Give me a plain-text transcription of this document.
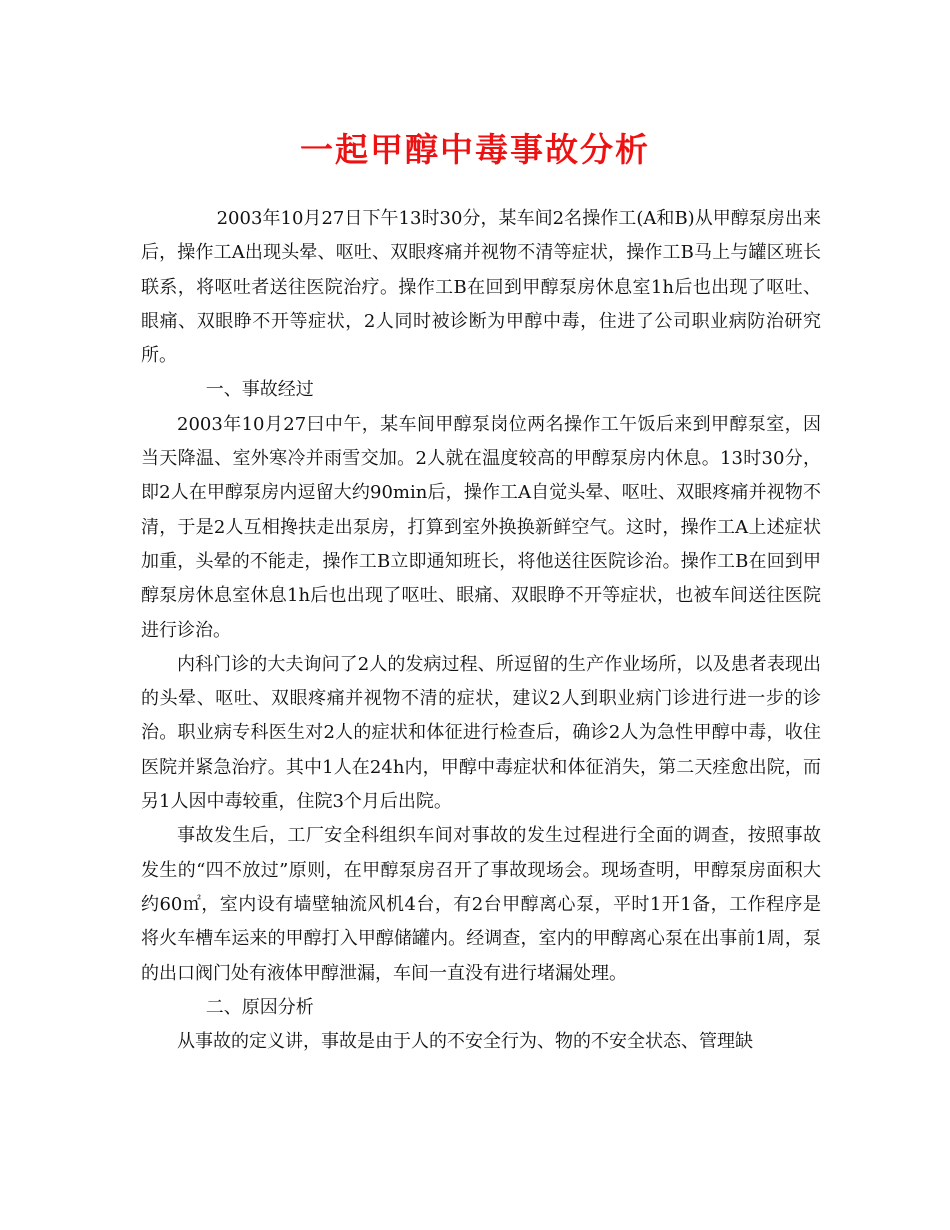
一起甲醇中毒事故分析

2003年10月27日下午13时30分，某车间2名操作工(A和B)从甲醇泵房出来后，操作工A出现头晕、呕吐、双眼疼痛并视物不清等症状，操作工B马上与罐区班长联系，将呕吐者送往医院治疗。操作工B在回到甲醇泵房休息室1h后也出现了呕吐、眼痛、双眼睁不开等症状，2人同时被诊断为甲醇中毒，住进了公司职业病防治研究所。

一、事故经过

2003年10月27曰中午，某车间甲醇泵岗位两名操作工午饭后来到甲醇泵室，因当天降温、室外寒冷并雨雪交加。2人就在温度较高的甲醇泵房内休息。13时30分，即2人在甲醇泵房内逗留大约90min后，操作工A自觉头晕、呕吐、双眼疼痛并视物不清，于是2人互相搀扶走出泵房，打算到室外换换新鲜空气。这时，操作工A上述症状加重，头晕的不能走，操作工B立即通知班长，将他送往医院诊治。操作工B在回到甲醇泵房休息室休息1h后也出现了呕吐、眼痛、双眼睁不开等症状，也被车间送往医院进行诊治。

内科门诊的大夫询问了2人的发病过程、所逗留的生产作业场所，以及患者表现出的头晕、呕吐、双眼疼痛并视物不清的症状，建议2人到职业病门诊进行进一步的诊治。职业病专科医生对2人的症状和体征进行检查后，确诊2人为急性甲醇中毒，收住医院并紧急治疗。其中1人在24h内，甲醇中毒症状和体征消失，第二天痊愈出院，而另1人因中毒较重，住院3个月后出院。

事故发生后，工厂安全科组织车间对事故的发生过程进行全面的调查，按照事故发生的“四不放过”原则，在甲醇泵房召开了事故现场会。现场查明，甲醇泵房面积大约60㎡，室内设有墙壁轴流风机4台，有2台甲醇离心泵，平时1开1备，工作程序是将火车槽车运来的甲醇打入甲醇储罐内。经调查，室内的甲醇离心泵在出事前1周，泵的出口阀门处有液体甲醇泄漏，车间一直没有进行堵漏处理。

二、原因分析

从事故的定义讲，事故是由于人的不安全行为、物的不安全状态、管理缺
